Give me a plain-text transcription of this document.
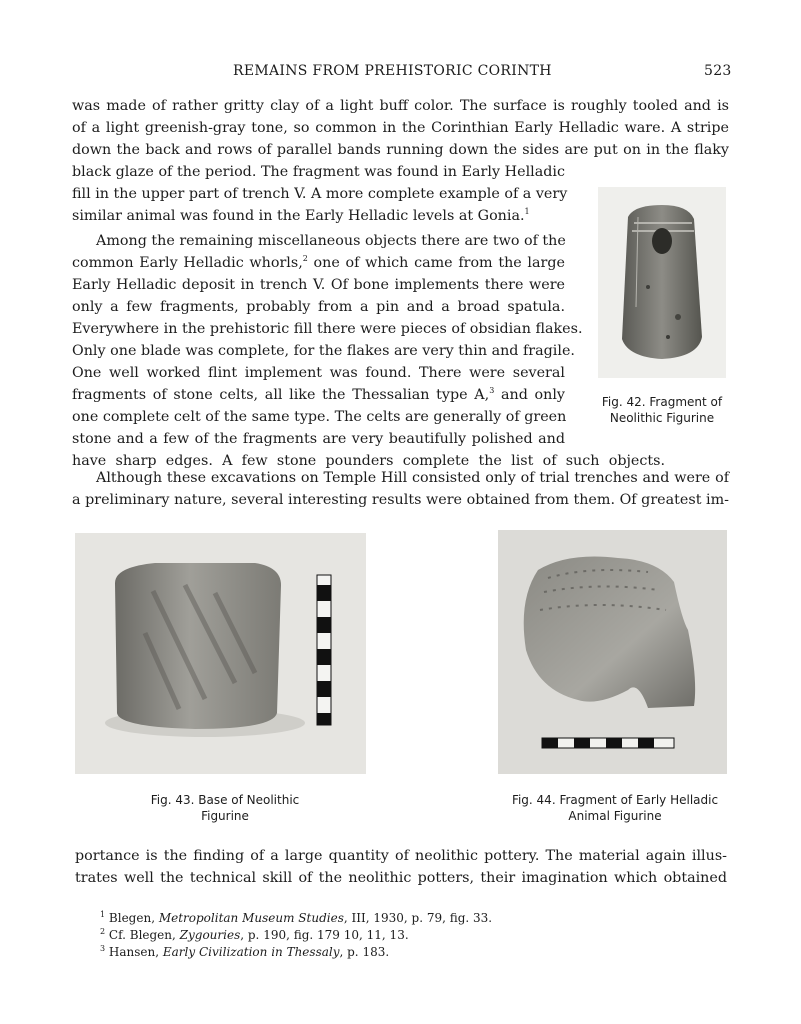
REMAINS FROM PREHISTORIC CORINTH	523
was made of rather gritty clay of a light buff color. The surface is roughly tooled and is
of a light greenish-gray tone, so common in the Corinthian Early Helladic ware. A stripe
down the back and rows of parallel bands running down the sides are put on in the flaky
black glaze of the period. The fragment was found in Early Helladic
fill in the upper part of trench V. A more complete example of a very
similar animal was found in the Early Helladic levels at Gonia.$^1$
Among the remaining miscellaneous objects there are two of the
common Early Helladic whorls,$^2$ one of which came from the large
Early Helladic deposit in trench V. Of bone implements there were
only a few fragments, probably from a pin and a broad spatula.
Everywhere in the prehistoric fill there were pieces of obsidian flakes.
Only one blade was complete, for the flakes are very thin and fragile.
One well worked flint implement was found. There were several
fragments of stone celts, all like the Thessalian type A,$^3$ and only
one complete celt of the same type. The celts are generally of green
stone and a few of the fragments are very beautifully polished and
have sharp edges. A few stone pounders complete the list of such objects.
Although these excavations on Temple Hill consisted only of trial trenches and were of
a preliminary nature, several interesting results were obtained from them. Of greatest im-
Fig. 42. Fragment of
Neolithic Figurine
Fig. 43. Base of Neolithic
Figurine
Fig. 44. Fragment of Early Helladic
Animal Figurine
portance is the finding of a large quantity of neolithic pottery. The material again illus-
trates well the technical skill of the neolithic potters, their imagination which obtained
$^1$ Blegen, Metropolitan Museum Studies, III, 1930, p. 79, fig. 33.
$^2$ Cf. Blegen, Zygouries, p. 190, fig. 179 10, 11, 13.
$^3$ Hansen, Early Civilization in Thessaly, p. 183.
